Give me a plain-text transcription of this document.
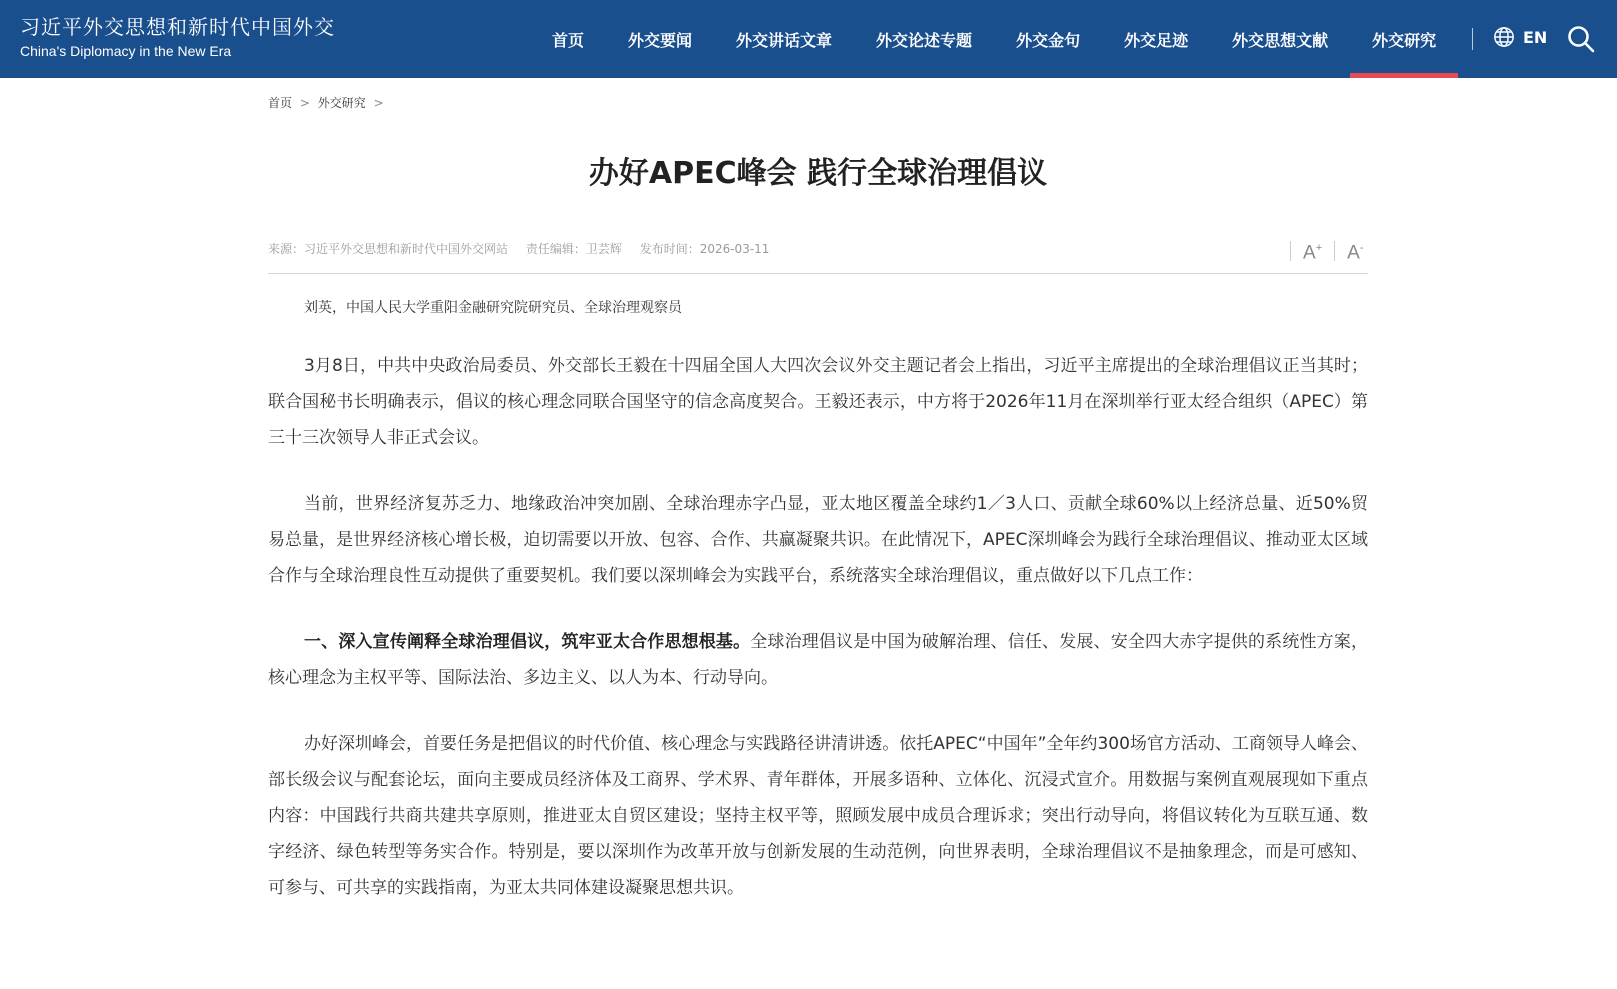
习近平外交思想和新时代中国外交
China's Diplomacy in the New Era
首页	外交要闻	外交讲话文章	外交论述专题	外交金句	外交足迹	外交思想文献	外交研究	EN
首页 > 外交研究 >
办好APEC峰会 践行全球治理倡议
来源：习近平外交思想和新时代中国外交网站 责任编辑：卫芸辉 发布时间：2026-03-11	A+	A-

刘英，中国人民大学重阳金融研究院研究员、全球治理观察员

3月8日，中共中央政治局委员、外交部长王毅在十四届全国人大四次会议外交主题记者会上指出，习近平主席提出的全球治理倡议正当其时；联合国秘书长明确表示，倡议的核心理念同联合国坚守的信念高度契合。王毅还表示，中方将于2026年11月在深圳举行亚太经合组织（APEC）第三十三次领导人非正式会议。

当前，世界经济复苏乏力、地缘政治冲突加剧、全球治理赤字凸显，亚太地区覆盖全球约1／3人口、贡献全球60%以上经济总量、近50%贸易总量，是世界经济核心增长极，迫切需要以开放、包容、合作、共赢凝聚共识。在此情况下，APEC深圳峰会为践行全球治理倡议、推动亚太区域合作与全球治理良性互动提供了重要契机。我们要以深圳峰会为实践平台，系统落实全球治理倡议，重点做好以下几点工作：

一、深入宣传阐释全球治理倡议，筑牢亚太合作思想根基。全球治理倡议是中国为破解治理、信任、发展、安全四大赤字提供的系统性方案，核心理念为主权平等、国际法治、多边主义、以人为本、行动导向。

办好深圳峰会，首要任务是把倡议的时代价值、核心理念与实践路径讲清讲透。依托APEC“中国年”全年约300场官方活动、工商领导人峰会、部长级会议与配套论坛，面向主要成员经济体及工商界、学术界、青年群体，开展多语种、立体化、沉浸式宣介。用数据与案例直观展现如下重点内容：中国践行共商共建共享原则，推进亚太自贸区建设；坚持主权平等，照顾发展中成员合理诉求；突出行动导向，将倡议转化为互联互通、数字经济、绿色转型等务实合作。特别是，要以深圳作为改革开放与创新发展的生动范例，向世界表明，全球治理倡议不是抽象理念，而是可感知、可参与、可共享的实践指南，为亚太共同体建设凝聚思想共识。
